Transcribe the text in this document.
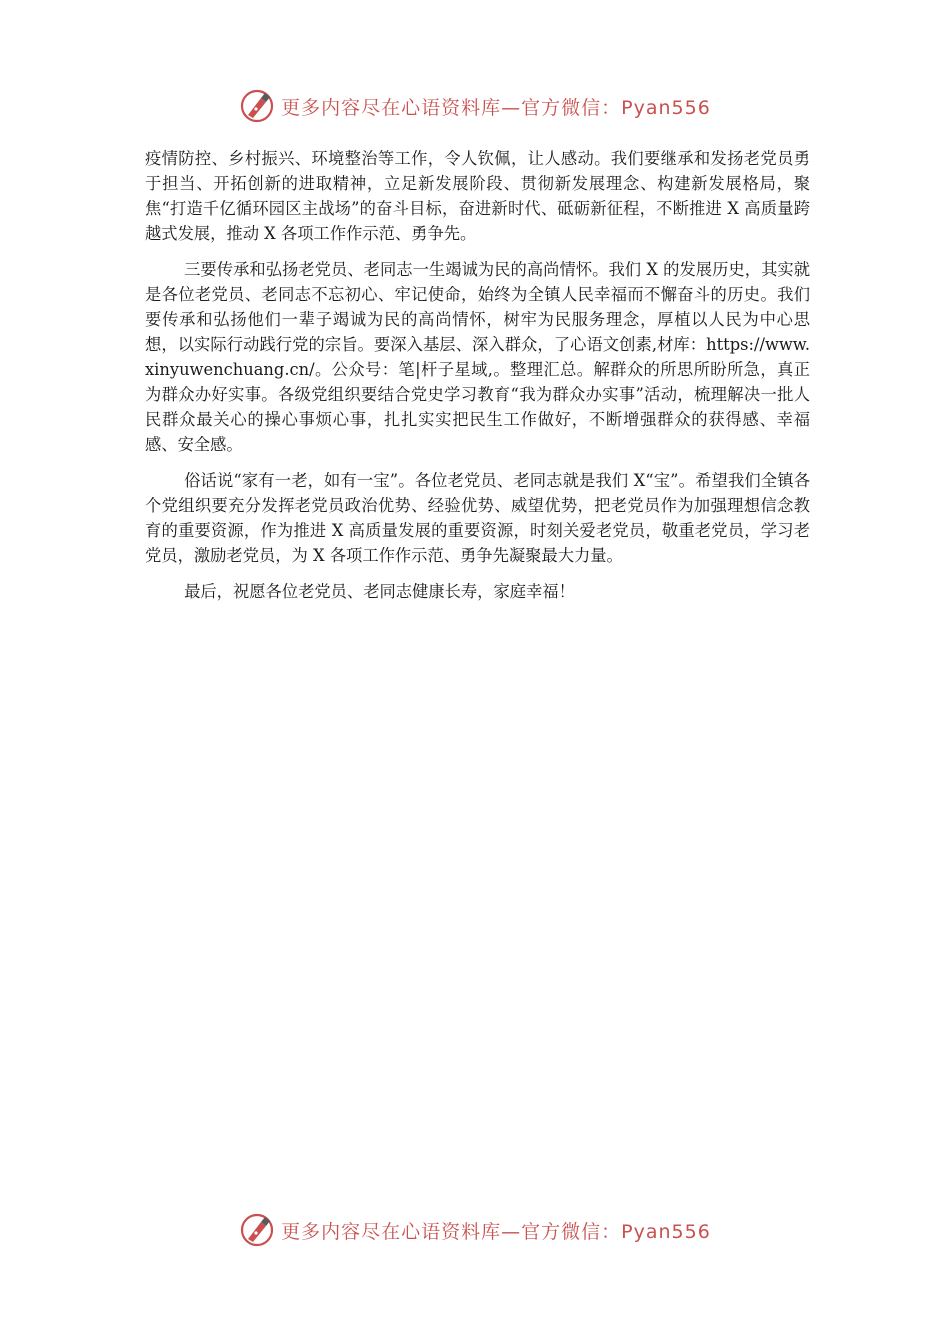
更多内容尽在心语资料库—官方微信：Pyan556

疫情防控、乡村振兴、环境整治等工作，令人钦佩，让人感动。我们要继承和发扬老党员勇于担当、开拓创新的进取精神，立足新发展阶段、贯彻新发展理念、构建新发展格局，聚焦“打造千亿循环园区主战场”的奋斗目标，奋进新时代、砥砺新征程，不断推进 X 高质量跨越式发展，推动 X 各项工作作示范、勇争先。

三要传承和弘扬老党员、老同志一生竭诚为民的高尚情怀。我们 X 的发展历史，其实就是各位老党员、老同志不忘初心、牢记使命，始终为全镇人民幸福而不懈奋斗的历史。我们要传承和弘扬他们一辈子竭诚为民的高尚情怀，树牢为民服务理念，厚植以人民为中心思想，以实际行动践行党的宗旨。要深入基层、深入群众，了心语文创素,材库：https://www.xinyuwenchuang.cn/。公众号：笔|杆子星域,。整理汇总。解群众的所思所盼所急，真正为群众办好实事。各级党组织要结合党史学习教育“我为群众办实事”活动，梳理解决一批人民群众最关心的操心事烦心事，扎扎实实把民生工作做好，不断增强群众的获得感、幸福感、安全感。

俗话说“家有一老，如有一宝”。各位老党员、老同志就是我们 X“宝”。希望我们全镇各个党组织要充分发挥老党员政治优势、经验优势、威望优势，把老党员作为加强理想信念教育的重要资源，作为推进 X 高质量发展的重要资源，时刻关爱老党员，敬重老党员，学习老党员，激励老党员，为 X 各项工作作示范、勇争先凝聚最大力量。

最后，祝愿各位老党员、老同志健康长寿，家庭幸福！

更多内容尽在心语资料库—官方微信：Pyan556
